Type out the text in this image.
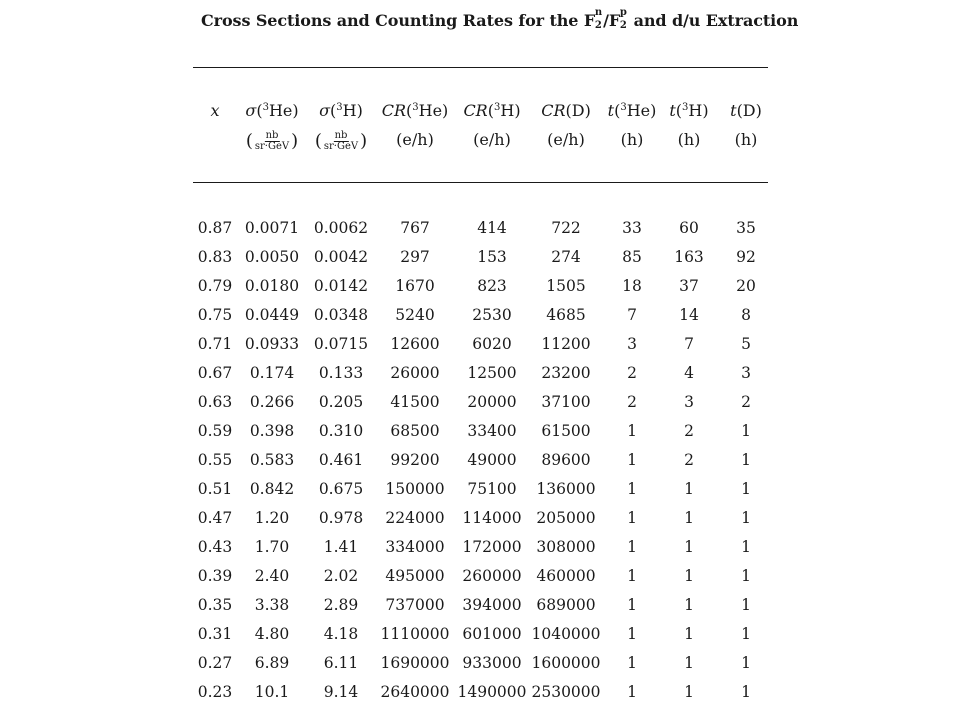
Cross Sections and Counting Rates for the F n
2 /F p
2 and d/u Extraction
x σ($^3$He) σ($^3$H) CR($^3$He) CR($^3$H) CR(D) t($^3$He) t($^3$H) t(D)
( $\frac{nb}{\text{sr·GeV}}$ ) ( $\frac{nb}{\text{sr·GeV}}$ ) (e/h) (e/h) (e/h) (h) (h) (h)
0.87 0.0071 0.0062 767	414	722	33 60 35
0.83 0.0050 0.0042 297	153	274	85 163 92
0.79 0.0180 0.0142 1670	823	1505 18 37 20
0.75 0.0449 0.0348 5240 2530 4685	7	14	8
0.71 0.0933 0.0715 12600 6020 11200 3	7	5
0.67 0.174 0.133 26000 12500 23200 2	4	3
0.63 0.266 0.205 41500 20000 37100 2	3	2
0.59 0.398 0.310 68500 33400 61500 1	2	1
0.55 0.583 0.461 99200 49000 89600 1	2	1
0.51 0.842 0.675 150000 75100 136000 1	1	1
0.47 1.20 0.978 224000 114000 205000 1	1	1
0.43 1.70 1.41 334000 172000 308000 1	1	1
0.39 2.40 2.02 495000 260000 460000 1	1	1
0.35 3.38 2.89 737000 394000 689000 1	1	1
0.31 4.80 4.18 1110000 601000 1040000 1	1	1
0.27 6.89 6.11 1690000 933000 1600000 1	1	1
0.23 10.1 9.14 2640000 1490000 2530000 1	1	1
